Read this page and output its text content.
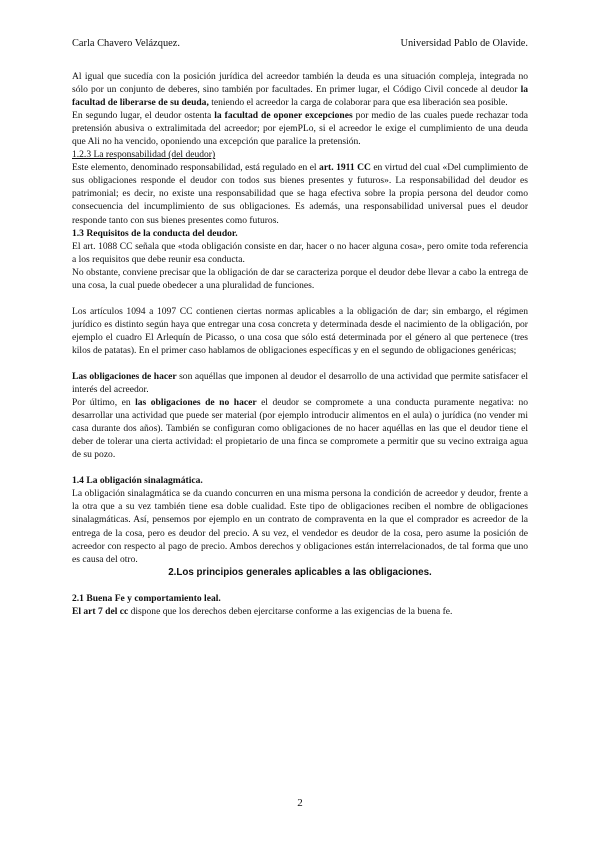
Carla Chavero Velázquez.	Universidad Pablo de Olavide.

Al igual que sucedía con la posición jurídica del acreedor también la deuda es una situación compleja, integrada no sólo por un conjunto de deberes, sino también por facultades. En primer lugar, el Código Civil concede al deudor la facultad de liberarse de su deuda, teniendo el acreedor la carga de colaborar para que esa liberación sea posible.

En segundo lugar, el deudor ostenta la facultad de oponer excepciones por medio de las cuales puede rechazar toda pretensión abusiva o extralimitada del acreedor; por ejemPLo, si el acreedor le exige el cumplimiento de una deuda que Ali no ha vencido, oponiendo una excepción que paralice la pretensión.

1.2.3 La responsabilidad (del deudor)

Este elemento, denominado responsabilidad, está regulado en el art. 1911 CC en virtud del cual «Del cumplimiento de sus obligaciones responde el deudor con todos sus bienes presentes y futuros». La responsabilidad del deudor es patrimonial; es decir, no existe una responsabilidad que se haga efectiva sobre la propia persona del deudor como consecuencia del incumplimiento de sus obligaciones. Es además, una responsabilidad universal pues el deudor responde tanto con sus bienes presentes como futuros.

1.3 Requisitos de la conducta del deudor.

El art. 1088 CC señala que «toda obligación consiste en dar, hacer o no hacer alguna cosa», pero omite toda referencia a los requisitos que debe reunir esa conducta.

No obstante, conviene precisar que la obligación de dar se caracteriza porque el deudor debe llevar a cabo la entrega de una cosa, la cual puede obedecer a una pluralidad de funciones.

Los artículos 1094 a 1097 CC contienen ciertas normas aplicables a la obligación de dar; sin embargo, el régimen jurídico es distinto según haya que entregar una cosa concreta y determinada desde el nacimiento de la obligación, por ejemplo el cuadro El Arlequín de Picasso, o una cosa que sólo está determinada por el género al que pertenece (tres kilos de patatas). En el primer caso hablamos de obligaciones específicas y en el segundo de obligaciones genéricas;

Las obligaciones de hacer son aquéllas que imponen al deudor el desarrollo de una actividad que permite satisfacer el interés del acreedor.

Por último, en las obligaciones de no hacer el deudor se compromete a una conducta puramente negativa: no desarrollar una actividad que puede ser material (por ejemplo introducir alimentos en el aula) o jurídica (no vender mi casa durante dos años). También se configuran como obligaciones de no hacer aquéllas en las que el deudor tiene el deber de tolerar una cierta actividad: el propietario de una finca se compromete a permitir que su vecino extraiga agua de su pozo.

1.4 La obligación sinalagmática.

La obligación sinalagmática se da cuando concurren en una misma persona la condición de acreedor y deudor, frente a la otra que a su vez también tiene esa doble cualidad. Este tipo de obligaciones reciben el nombre de obligaciones sinalagmáticas. Así, pensemos por ejemplo en un contrato de compraventa en la que el comprador es acreedor de la entrega de la cosa, pero es deudor del precio. A su vez, el vendedor es deudor de la cosa, pero asume la posición de acreedor con respecto al pago de precio. Ambos derechos y obligaciones están interrelacionados, de tal forma que uno es causa del otro.

2.Los principios generales aplicables a las obligaciones.

2.1 Buena Fe y comportamiento leal.

El art 7 del cc dispone que los derechos deben ejercitarse conforme a las exigencias de la buena fe.

2
